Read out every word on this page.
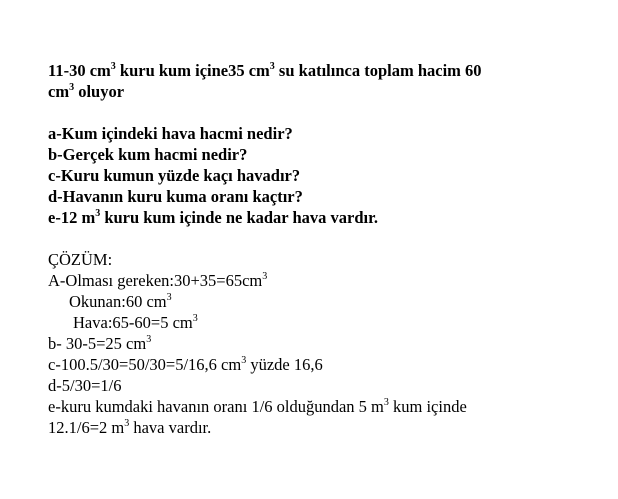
11-30 $cm^3$ kuru kum içine35 $cm^3$ su katılınca toplam hacim 60
$cm^3$ oluyor
a-Kum içindeki hava hacmi nedir?
b-Gerçek kum hacmi nedir?
c-Kuru kumun yüzde kaçı havadır?
d-Havanın kuru kuma oranı kaçtır?
e-12 $m^3$ kuru kum içinde ne kadar hava vardır.
ÇÖZÜM:
A-Olması $gereken:30+35=65cm^3$
Okunan:60 $cm^3$
Hava:65-60=5 $cm^3$
b- 30-5=25 $cm^3$
c-100.5/30=50/30=5/16,6 $cm^3$ yüzde 16,6
d-5/30=1/6
e-kuru kumdaki havanın oranı 1/6 olduğundan 5 $m^3$ kum içinde
12.1/6=2 $m^3$ hava vardır.
